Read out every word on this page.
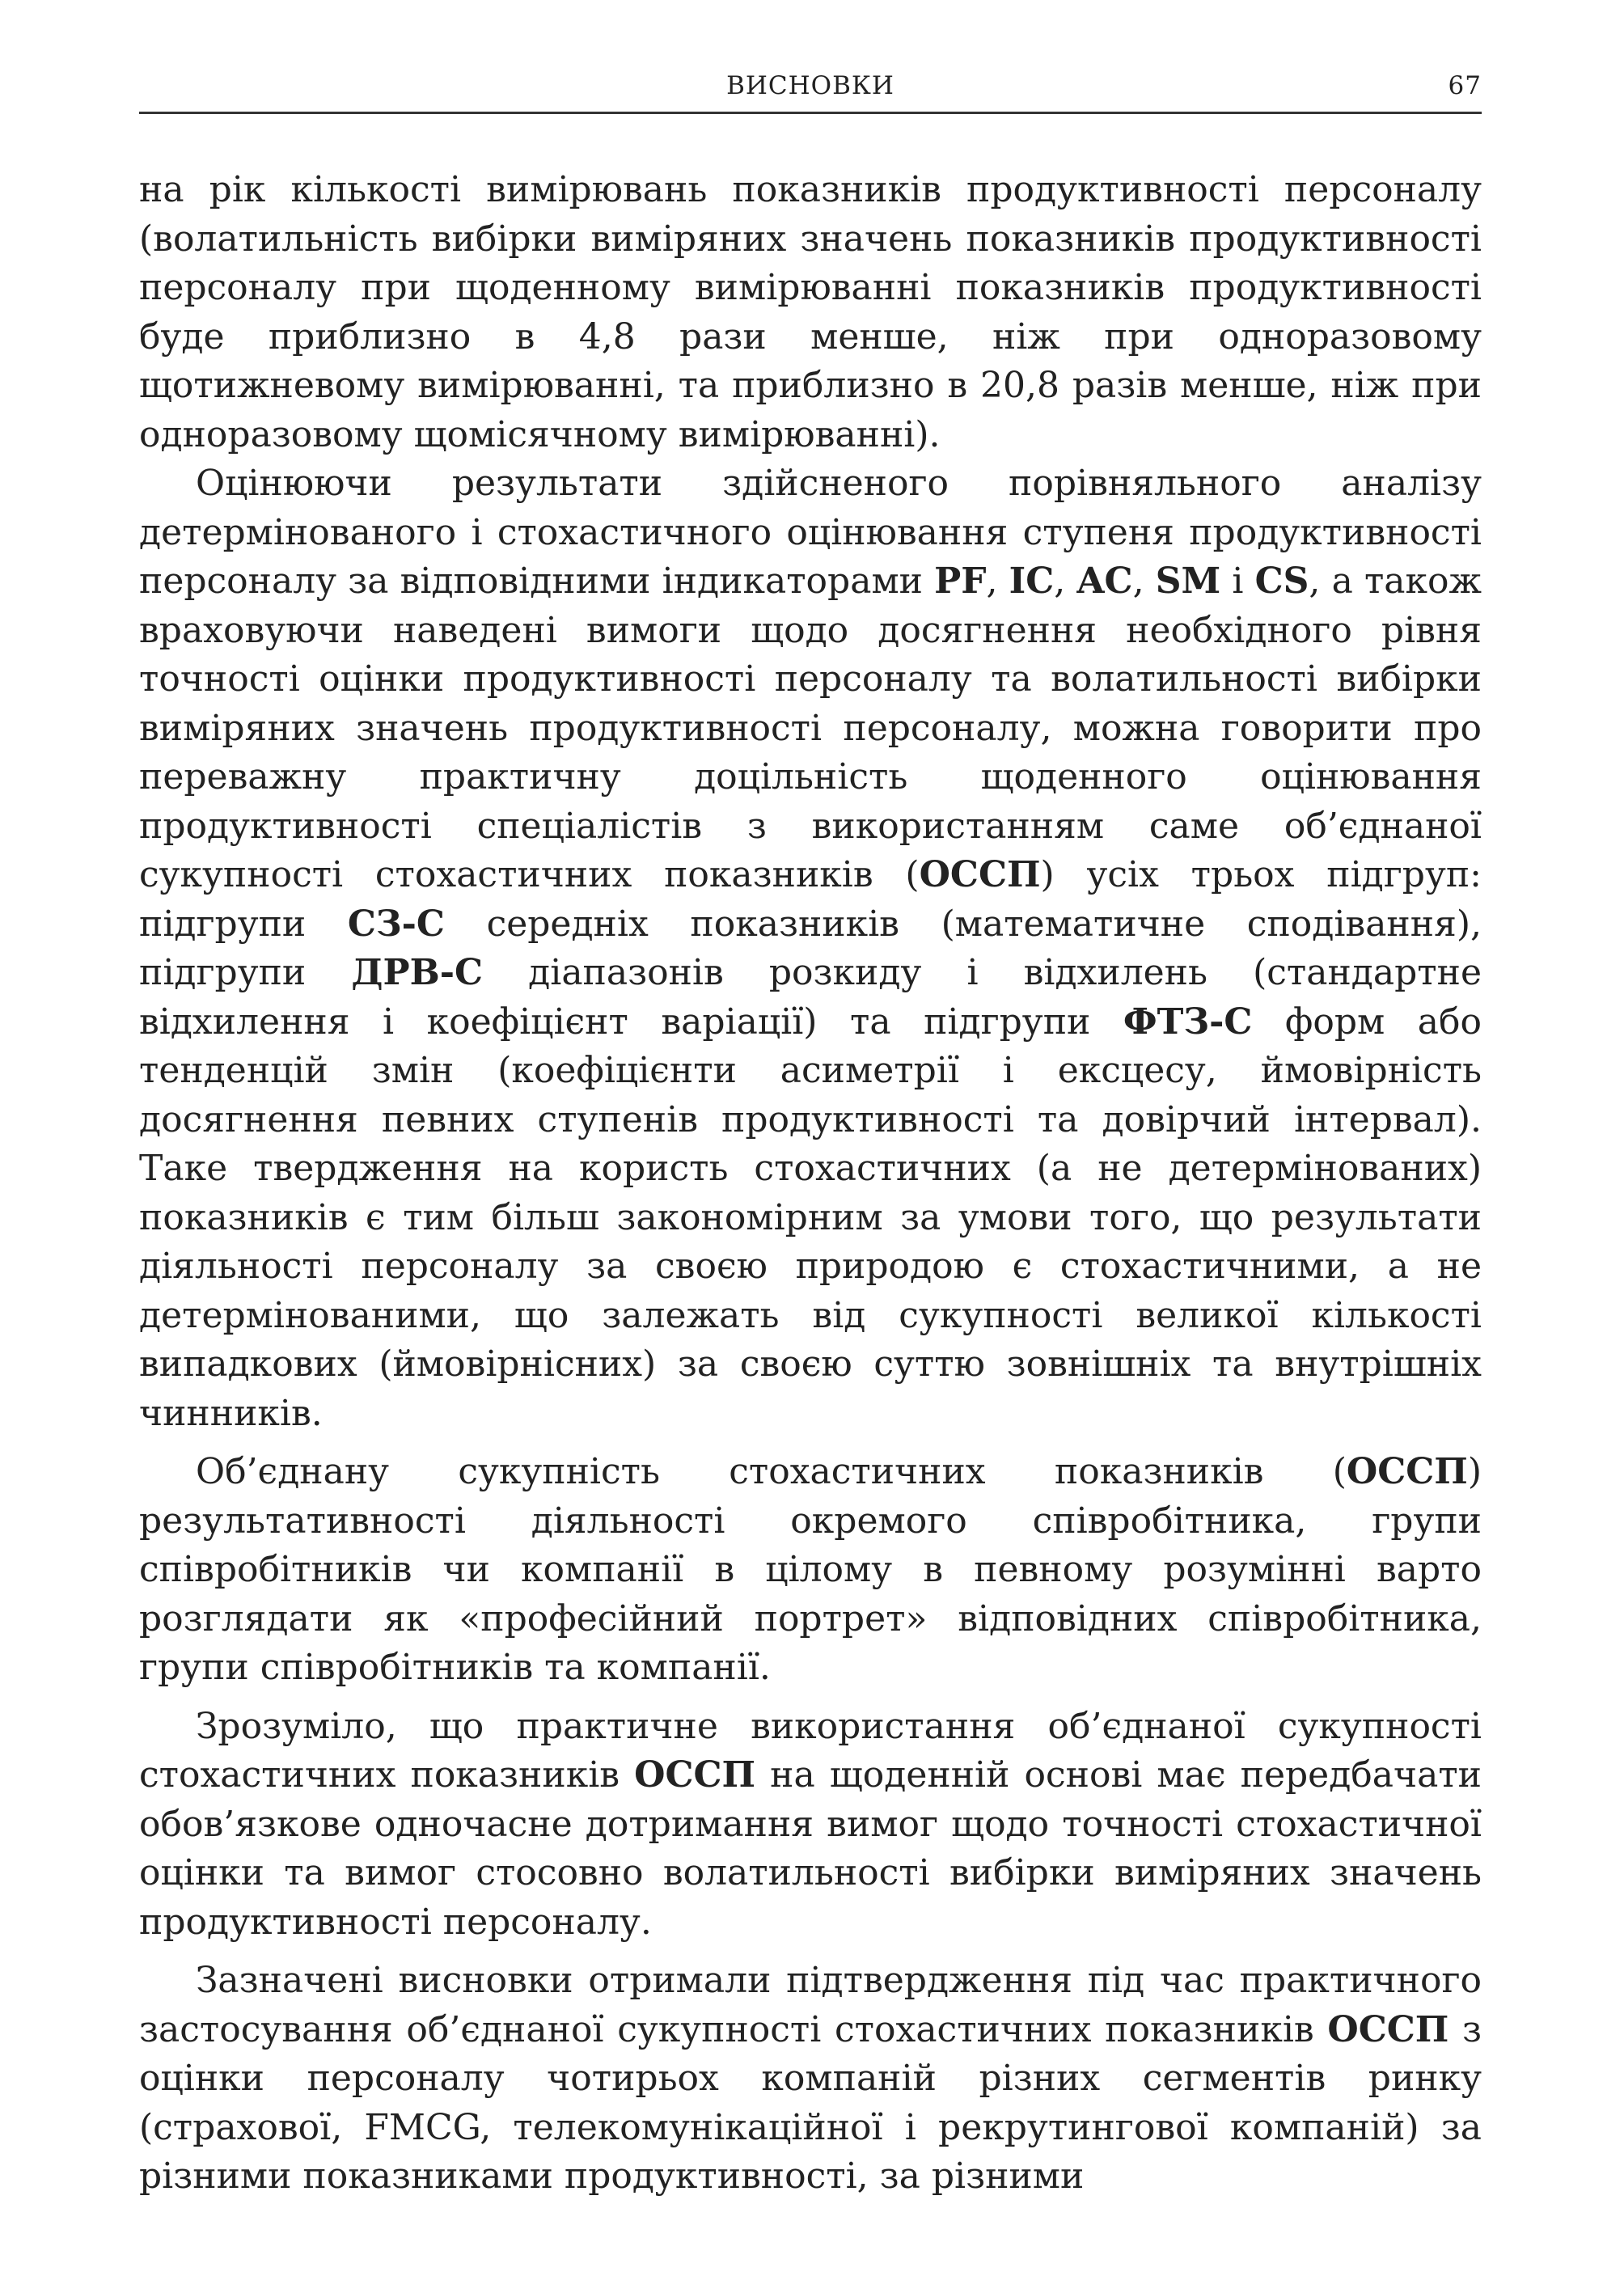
ВИСНОВКИ	67

на рік кількості вимірювань показників продуктивності персоналу (волатильність вибірки виміряних значень показників продуктивності персоналу при щоденному вимірюванні показників продуктивності буде приблизно в 4,8 рази менше, ніж при одноразовому щотижневому вимірюванні, та приблизно в 20,8 разів менше, ніж при одноразовому щомісячному вимірюванні).

Оцінюючи результати здійсненого порівняльного аналізу детермінованого і стохастичного оцінювання ступеня продуктивності персоналу за відповідними індикаторами PF, IC, AC, SM і CS, а також враховуючи наведені вимоги щодо досягнення необхідного рівня точності оцінки продуктивності персоналу та волатильності вибірки виміряних значень продуктивності персоналу, можна говорити про переважну практичну доцільність щоденного оцінювання продуктивності спеціалістів з використанням саме об’єднаної сукупності стохастичних показників (ОССП) усіх трьох підгруп: підгрупи СЗ-С середніх показників (математичне сподівання), підгрупи ДРВ-С діапазонів розкиду і відхилень (стандартне відхилення і коефіцієнт варіації) та підгрупи ФТЗ-С форм або тенденцій змін (коефіцієнти асиметрії і ексцесу, ймовірність досягнення певних ступенів продуктивності та довірчий інтервал). Таке твердження на користь стохастичних (а не детермінованих) показників є тим більш закономірним за умови того, що результати діяльності персоналу за своєю природою є стохастичними, а не детермінованими, що залежать від сукупності великої кількості випадкових (ймовірнісних) за своєю суттю зовнішніх та внутрішніх чинників.

Об’єднану сукупність стохастичних показників (ОССП) результативності діяльності окремого співробітника, групи співробітників чи компанії в цілому в певному розумінні варто розглядати як «професійний портрет» відповідних співробітника, групи співробітників та компанії.

Зрозуміло, що практичне використання об’єднаної сукупності стохастичних показників ОССП на щоденній основі має передбачати обов’язкове одночасне дотримання вимог щодо точності стохастичної оцінки та вимог стосовно волатильності вибірки виміряних значень продуктивності персоналу.

Зазначені висновки отримали підтвердження під час практичного застосування об’єднаної сукупності стохастичних показників ОССП з оцінки персоналу чотирьох компаній різних сегментів ринку (страхової, FMCG, телекомунікаційної і рекрутингової компаній) за різними показниками продуктивності, за різними
